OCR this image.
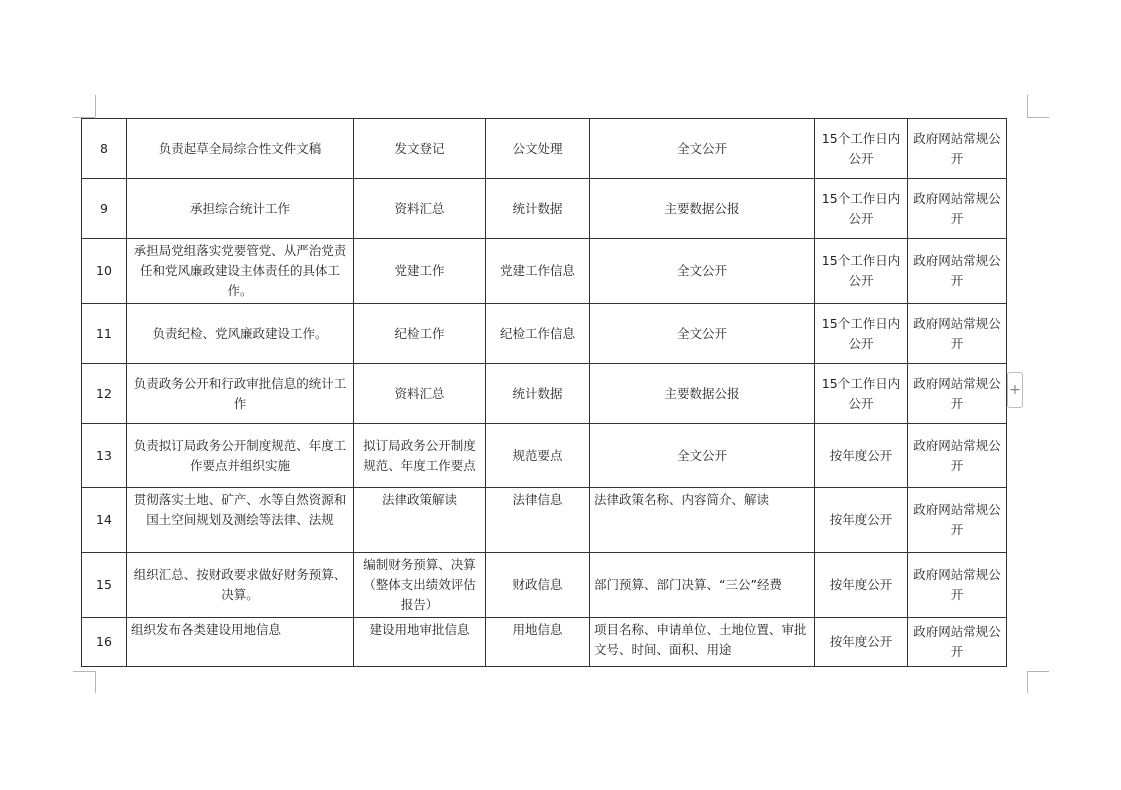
8	负责起草全局综合性文件文稿	发文登记	公文处理	全文公开	15个工作日内公开	政府网站常规公开
9	承担综合统计工作	资料汇总	统计数据	主要数据公报	15个工作日内公开	政府网站常规公开
10	承担局党组落实党要管党、从严治党责任和党风廉政建设主体责任的具体工作。	党建工作	党建工作信息	全文公开	15个工作日内公开	政府网站常规公开
11	负责纪检、党风廉政建设工作。	纪检工作	纪检工作信息	全文公开	15个工作日内公开	政府网站常规公开
12	负责政务公开和行政审批信息的统计工作	资料汇总	统计数据	主要数据公报	15个工作日内公开	政府网站常规公开
13	负责拟订局政务公开制度规范、年度工作要点并组织实施	拟订局政务公开制度规范、年度工作要点	规范要点	全文公开	按年度公开	政府网站常规公开
14	贯彻落实土地、矿产、水等自然资源和国土空间规划及测绘等法律、法规	法律政策解读	法律信息	法律政策名称、内容简介、解读	按年度公开	政府网站常规公开
15	组织汇总、按财政要求做好财务预算、决算。	编制财务预算、决算（整体支出绩效评估报告）	财政信息	部门预算、部门决算、“三公”经费	按年度公开	政府网站常规公开
16	组织发布各类建设用地信息	建设用地审批信息	用地信息	项目名称、申请单位、土地位置、审批文号、时间、面积、用途	按年度公开	政府网站常规公开
+
